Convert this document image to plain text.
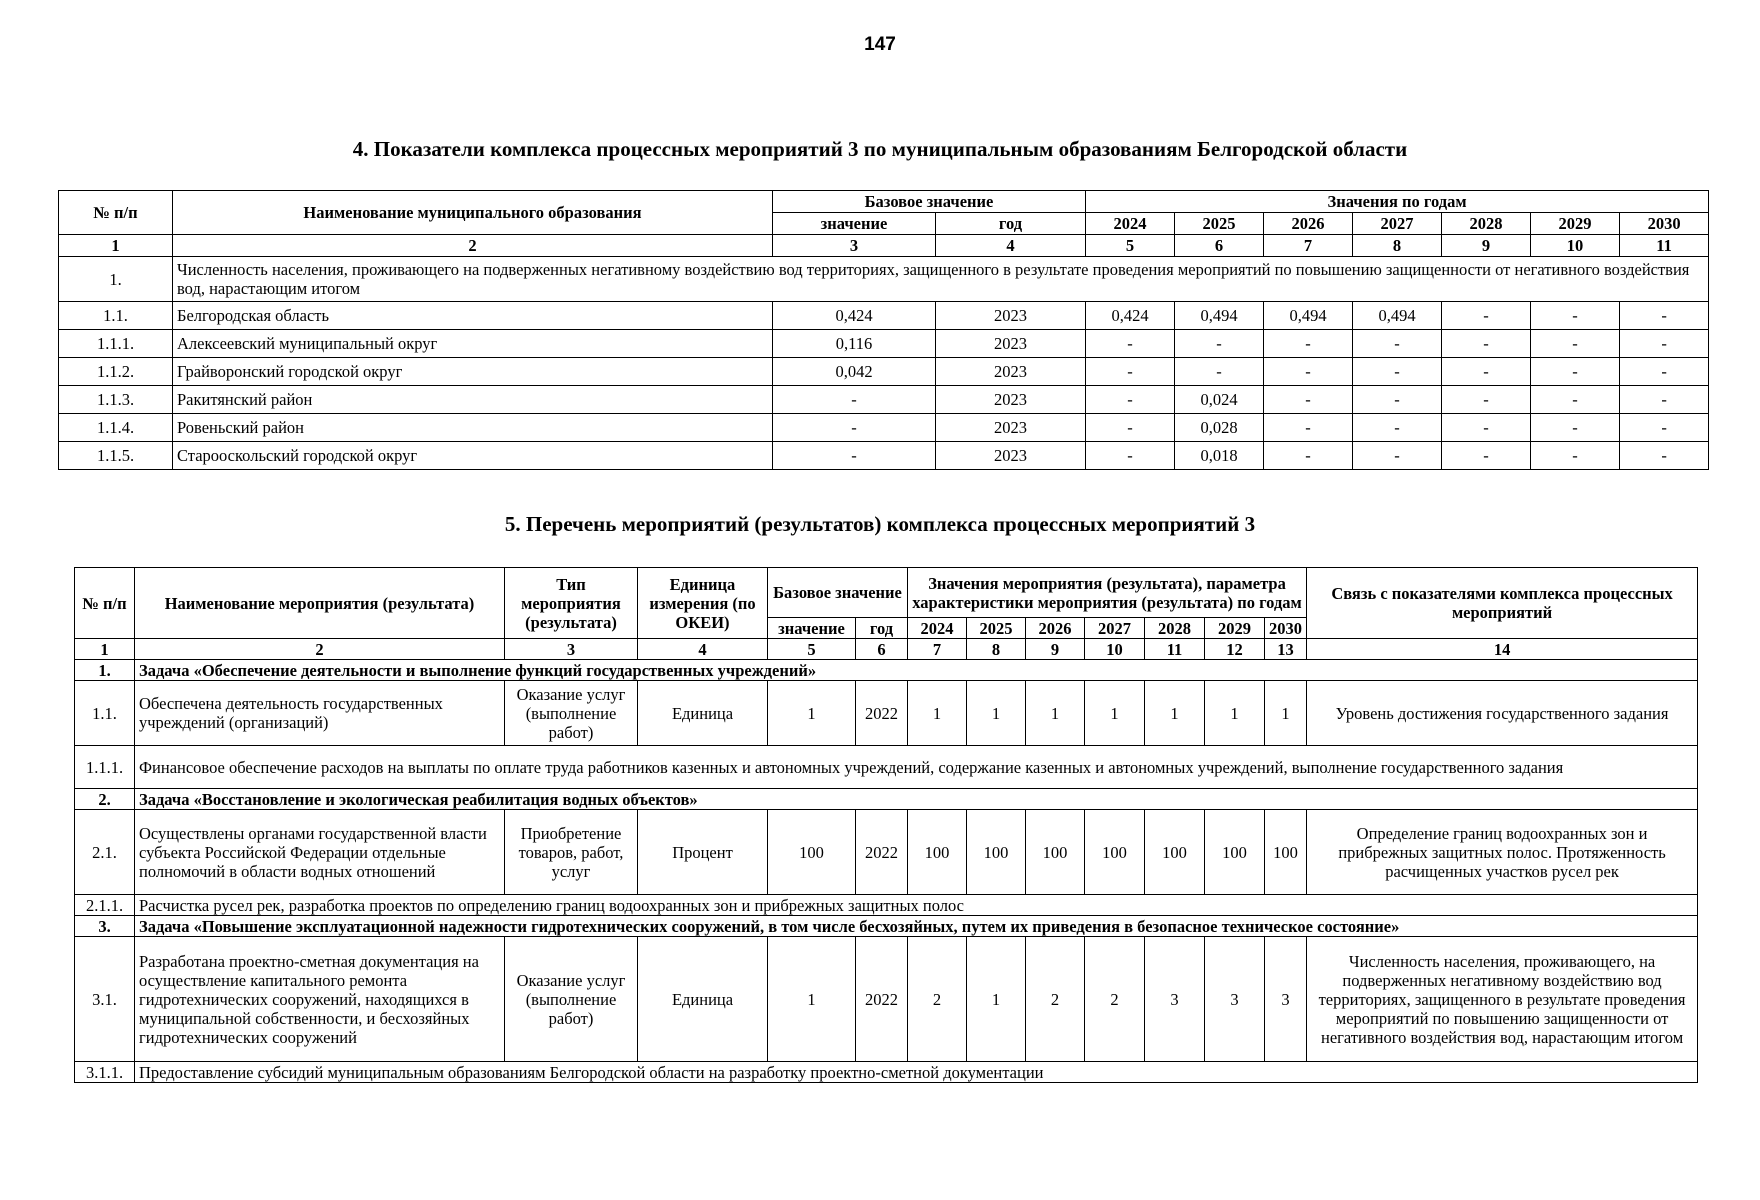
147
4. Показатели комплекса процессных мероприятий 3 по муниципальным образованиям Белгородской области
№ п/п	Наименование муниципального образования	Базовое значение		Значения по годам						
		значение	год	2024	2025	2026	2027	2028	2029	2030
1	2	3	4	5	6	7	8	9	10	11
1.	Численность населения, проживающего на подверженных негативному воздействию вод территориях, защищенного в результате проведения мероприятий по повышению защищенности от негативного воздействия вод, нарастающим итогом									
1.1.	Белгородская область	0,424	2023	0,424	0,494	0,494	0,494	-	-	-
1.1.1.	Алексеевский муниципальный округ	0,116	2023	-	-	-	-	-	-	-
1.1.2.	Грайворонский городской округ	0,042	2023	-	-	-	-	-	-	-
1.1.3.	Ракитянский район	-	2023	-	0,024	-	-	-	-	-
1.1.4.	Ровеньский район	-	2023	-	0,028	-	-	-	-	-
1.1.5.	Старооскольский городской округ	-	2023	-	0,018	-	-	-	-	-
5. Перечень мероприятий (результатов) комплекса процессных мероприятий 3
№ п/п	Наименование мероприятия (результата)	Тип мероприятия (результата)	Единица измерения (по ОКЕИ)	Базовое значение		Значения мероприятия (результата), параметра характеристики мероприятия (результата) по годам							Связь с показателями комплекса процессных мероприятий
				значение	год	2024	2025	2026	2027	2028	2029	2030	
1	2	3	4	5	6	7	8	9	10	11	12	13	14
1.	Задача «Обеспечение деятельности и выполнение функций государственных учреждений»												
1.1.	Обеспечена деятельность государственных учреждений (организаций)	Оказание услуг (выполнение работ)	Единица	1	2022	1	1	1	1	1	1	1	Уровень достижения государственного задания
1.1.1.	Финансовое обеспечение расходов на выплаты по оплате труда работников казенных и автономных учреждений, содержание казенных и автономных учреждений, выполнение государственного задания												
2.	Задача «Восстановление и экологическая реабилитация водных объектов»												
2.1.	Осуществлены органами государственной власти субъекта Российской Федерации отдельные полномочий в области водных отношений	Приобретение товаров, работ, услуг	Процент	100	2022	100	100	100	100	100	100	100	Определение границ водоохранных зон и прибрежных защитных полос. Протяженность расчищенных участков русел рек
2.1.1.	Расчистка русел рек, разработка проектов по определению границ водоохранных зон и прибрежных защитных полос												
3.	Задача «Повышение эксплуатационной надежности гидротехнических сооружений, в том числе бесхозяйных, путем их приведения в безопасное техническое состояние»												
3.1.	Разработана проектно-сметная документация на осуществление капитального ремонта гидротехнических сооружений, находящихся в муниципальной собственности, и бесхозяйных гидротехнических сооружений	Оказание услуг (выполнение работ)	Единица	1	2022	2	1	2	2	3	3	3	Численность населения, проживающего, на подверженных негативному воздействию вод территориях, защищенного в результате проведения мероприятий по повышению защищенности от негативного воздействия вод, нарастающим итогом
3.1.1.	Предоставление субсидий муниципальным образованиям Белгородской области на разработку проектно-сметной документации												
